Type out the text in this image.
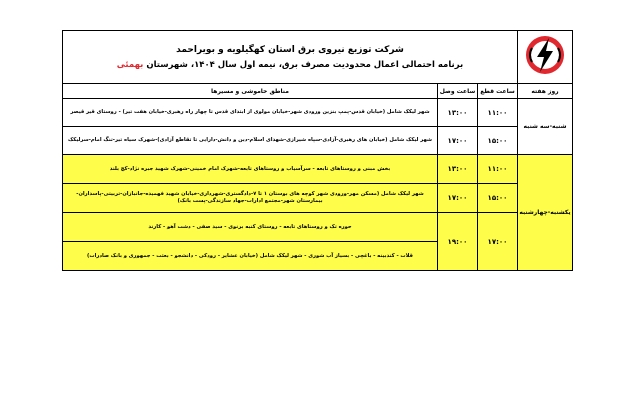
شرکت توزیع نیروی برق استان کهگیلویه و بویراحمد
برنامه احتمالی اعمال محدودیت مصرف برق، نیمه اول سال ۱۴۰۴، شهرستان بهمئی		

روز هفته	ساعت قطع	ساعت وصل	مناطق خاموشی و مسیرها
شنبه-سه شنبه	۱۱:۰۰	۱۳:۰۰	شهر لیکک شامل (خیابان قدس-پمپ بنزین ورودی شهر-خیابان مولوی از ابتدای قدس تا چهار راه رهبری-خیابان هفت تیر) - روستای قیر قیصر
	۱۵:۰۰	۱۷:۰۰	شهر لیکک شامل (خیابان های رهبری-آزادی-سپاه شیرازی-شهدای اسلام-دین و دانش-دارایی تا تقاطع آزادی)-شهرک سیاه تیر-تنگ امام-سرلیکک
یکشنبه-چهارشنبه	۱۱:۰۰	۱۳:۰۰	بخش مبنی و روستاهای تابعه - سرآسیاب و روستاهای تابعه-شهرک امام خمینی-شهرک شهید جبره نژاد-کچ بلند
	۱۵:۰۰	۱۷:۰۰	شهر لیکک شامل (مسکن مهر-ورودی شهر کوچه های بوستان ۱ تا ۷-دادگستری-شهرداری-خیابان شهید فهمیده-جانبازان-تربیتی-پاسداران-بیمارستان شهر-مجتمع ادارات-جهاد سازندگی-پست بانک)
	۱۷:۰۰	۱۹:۰۰	حوره تک و روستاهای تابعه - روستای کنبه برنوی - سید صفی - دشت آهو - کارند
			قلات - کندبینه - باغچی - بسیاز آب شوری - شهر لیکک شامل (خیابان عشایر - رودکی - دانشجو - بعثت - جمهوری و بانک صادرات)
